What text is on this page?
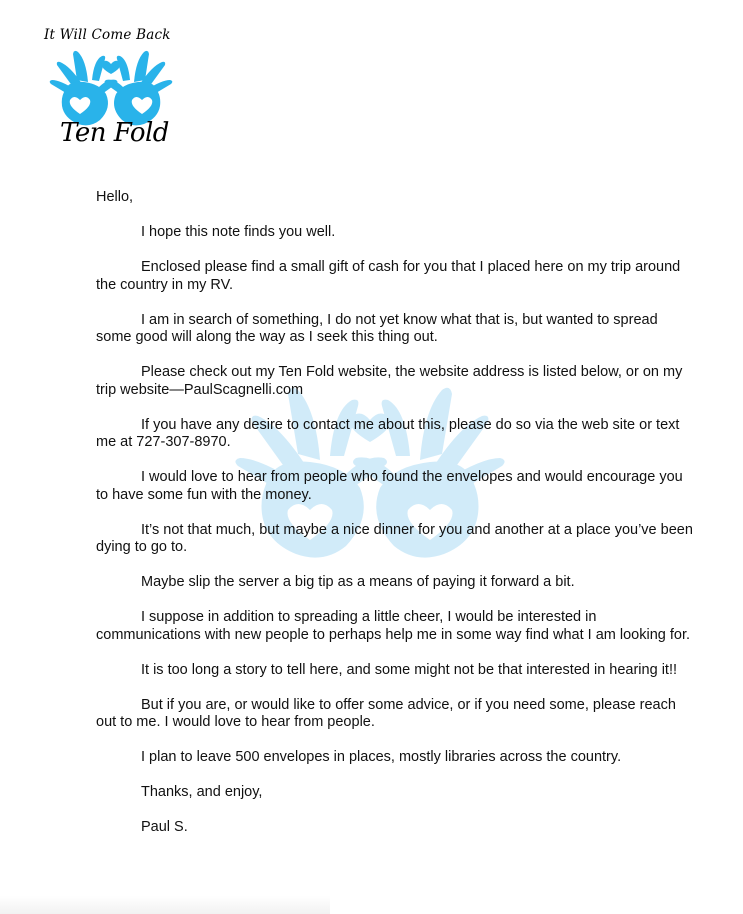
It Will Come Back
Ten Fold

Hello,

I hope this note finds you well.

Enclosed please find a small gift of cash for you that I placed here on my trip around the country in my RV.

I am in search of something, I do not yet know what that is, but wanted to spread some good will along the way as I seek this thing out.

Please check out my Ten Fold website, the website address is listed below, or on my trip website—PaulScagnelli.com

If you have any desire to contact me about this, please do so via the web site or text me at 727-307-8970.

I would love to hear from people who found the envelopes and would encourage you to have some fun with the money.

It’s not that much, but maybe a nice dinner for you and another at a place you’ve been dying to go to.

Maybe slip the server a big tip as a means of paying it forward a bit.

I suppose in addition to spreading a little cheer, I would be interested in communications with new people to perhaps help me in some way find what I am looking for.

It is too long a story to tell here, and some might not be that interested in hearing it!!

But if you are, or would like to offer some advice, or if you need some, please reach out to me. I would love to hear from people.

I plan to leave 500 envelopes in places, mostly libraries across the country.

Thanks, and enjoy,

Paul S.
